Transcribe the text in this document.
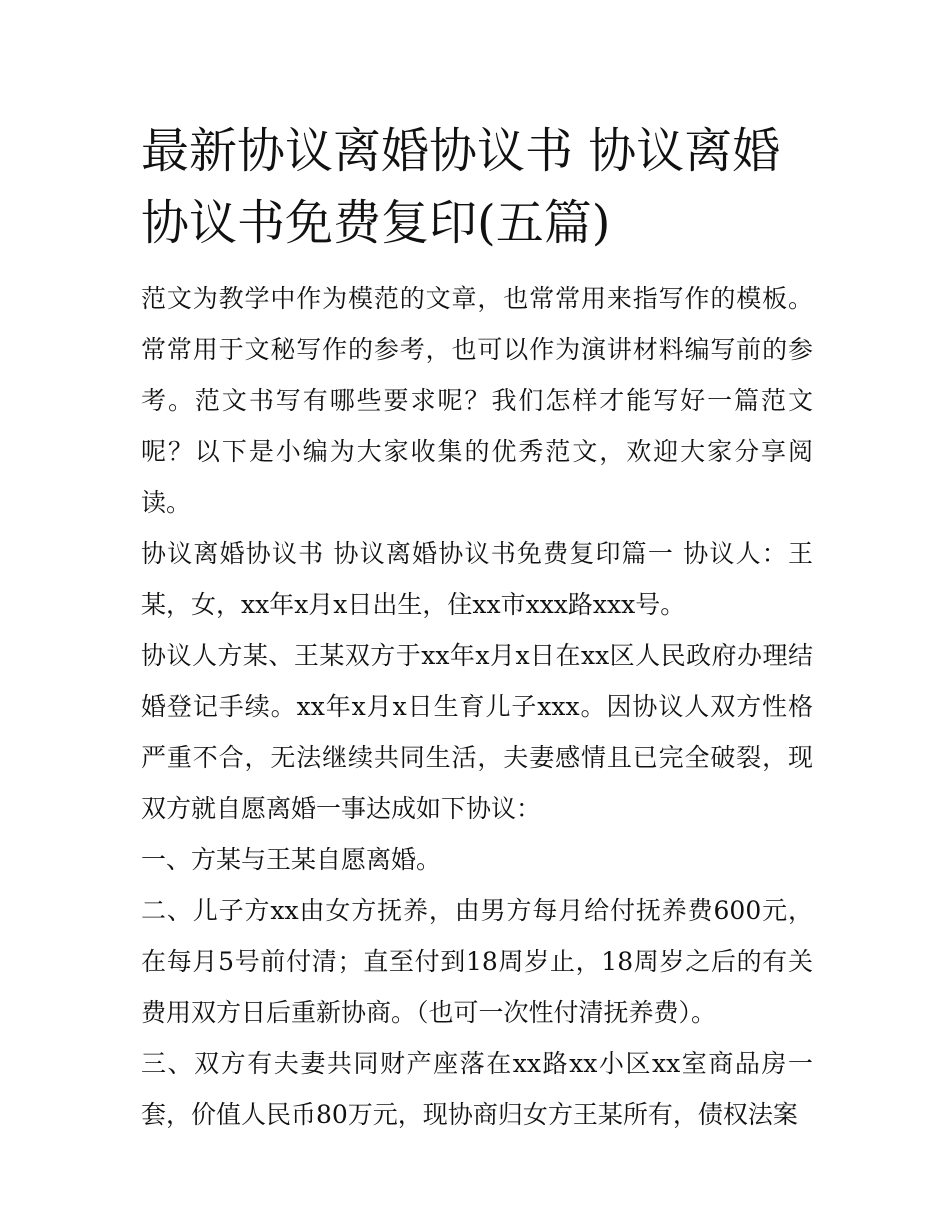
最新协议离婚协议书 协议离婚协议书免费复印(五篇)

范文为教学中作为模范的文章，也常常用来指写作的模板。常常用于文秘写作的参考，也可以作为演讲材料编写前的参考。范文书写有哪些要求呢？我们怎样才能写好一篇范文呢？以下是小编为大家收集的优秀范文，欢迎大家分享阅读。

协议离婚协议书 协议离婚协议书免费复印篇一 协议人：王某，女，xx年x月x日出生，住xx市xxx路xxx号。

协议人方某、王某双方于xx年x月x日在xx区人民政府办理结婚登记手续。xx年x月x日生育儿子xxx。因协议人双方性格严重不合，无法继续共同生活，夫妻感情且已完全破裂，现双方就自愿离婚一事达成如下协议：

一、方某与王某自愿离婚。

二、儿子方xx由女方抚养，由男方每月给付抚养费600元，在每月5号前付清；直至付到18周岁止，18周岁之后的有关费用双方日后重新协商。（也可一次性付清抚养费）。

三、双方有夫妻共同财产座落在xx路xx小区xx室商品房一套，价值人民币80万元，现协商归女方王某所有，债权法案
